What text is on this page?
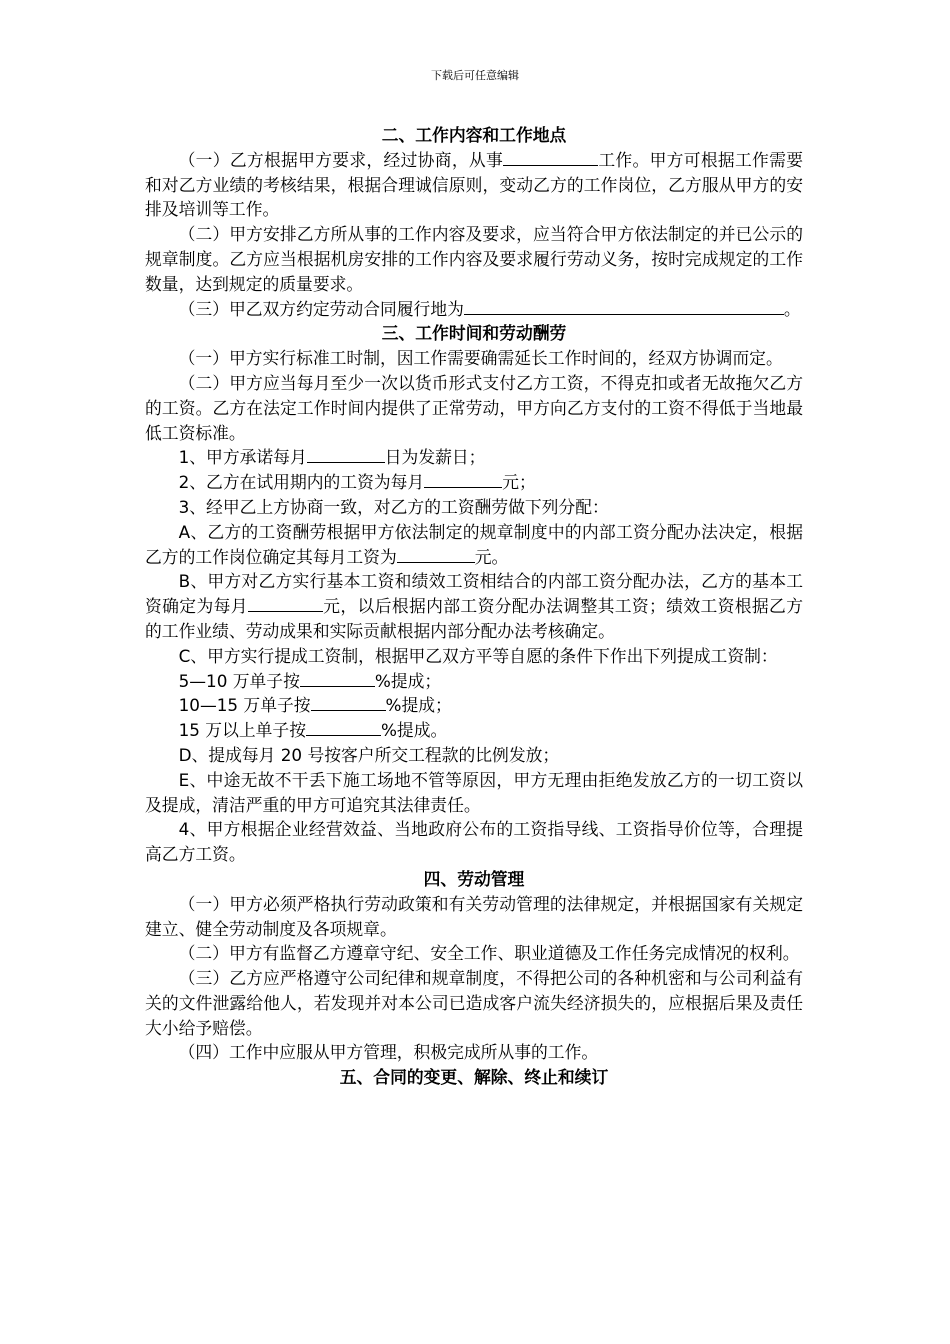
下载后可任意编辑

二、工作内容和工作地点

（一）乙方根据甲方要求，经过协商，从事	工作。甲方可根据工作需要和对乙方业绩的考核结果，根据合理诚信原则，变动乙方的工作岗位，乙方服从甲方的安排及培训等工作。

（二）甲方安排乙方所从事的工作内容及要求，应当符合甲方依法制定的并已公示的规章制度。乙方应当根据机房安排的工作内容及要求履行劳动义务，按时完成规定的工作数量，达到规定的质量要求。

（三）甲乙双方约定劳动合同履行地为	。

三、工作时间和劳动酬劳

（一）甲方实行标准工时制，因工作需要确需延长工作时间的，经双方协调而定。

（二）甲方应当每月至少一次以货币形式支付乙方工资，不得克扣或者无故拖欠乙方的工资。乙方在法定工作时间内提供了正常劳动，甲方向乙方支付的工资不得低于当地最低工资标准。

1、甲方承诺每月	日为发薪日；

2、乙方在试用期内的工资为每月	元；

3、经甲乙上方协商一致，对乙方的工资酬劳做下列分配：

A、乙方的工资酬劳根据甲方依法制定的规章制度中的内部工资分配办法决定，根据乙方的工作岗位确定其每月工资为	元。

B、甲方对乙方实行基本工资和绩效工资相结合的内部工资分配办法，乙方的基本工资确定为每月	元，以后根据内部工资分配办法调整其工资；绩效工资根据乙方的工作业绩、劳动成果和实际贡献根据内部分配办法考核确定。

C、甲方实行提成工资制，根据甲乙双方平等自愿的条件下作出下列提成工资制：

5—10 万单子按	%提成；

10—15 万单子按	%提成；

15 万以上单子按	%提成。

D、提成每月 20 号按客户所交工程款的比例发放；

E、中途无故不干丢下施工场地不管等原因，甲方无理由拒绝发放乙方的一切工资以及提成，清洁严重的甲方可追究其法律责任。

4、甲方根据企业经营效益、当地政府公布的工资指导线、工资指导价位等，合理提高乙方工资。

四、劳动管理

（一）甲方必须严格执行劳动政策和有关劳动管理的法律规定，并根据国家有关规定建立、健全劳动制度及各项规章。

（二）甲方有监督乙方遵章守纪、安全工作、职业道德及工作任务完成情况的权利。

（三）乙方应严格遵守公司纪律和规章制度，不得把公司的各种机密和与公司利益有关的文件泄露给他人，若发现并对本公司已造成客户流失经济损失的，应根据后果及责任大小给予赔偿。

（四）工作中应服从甲方管理，积极完成所从事的工作。

五、合同的变更、解除、终止和续订
